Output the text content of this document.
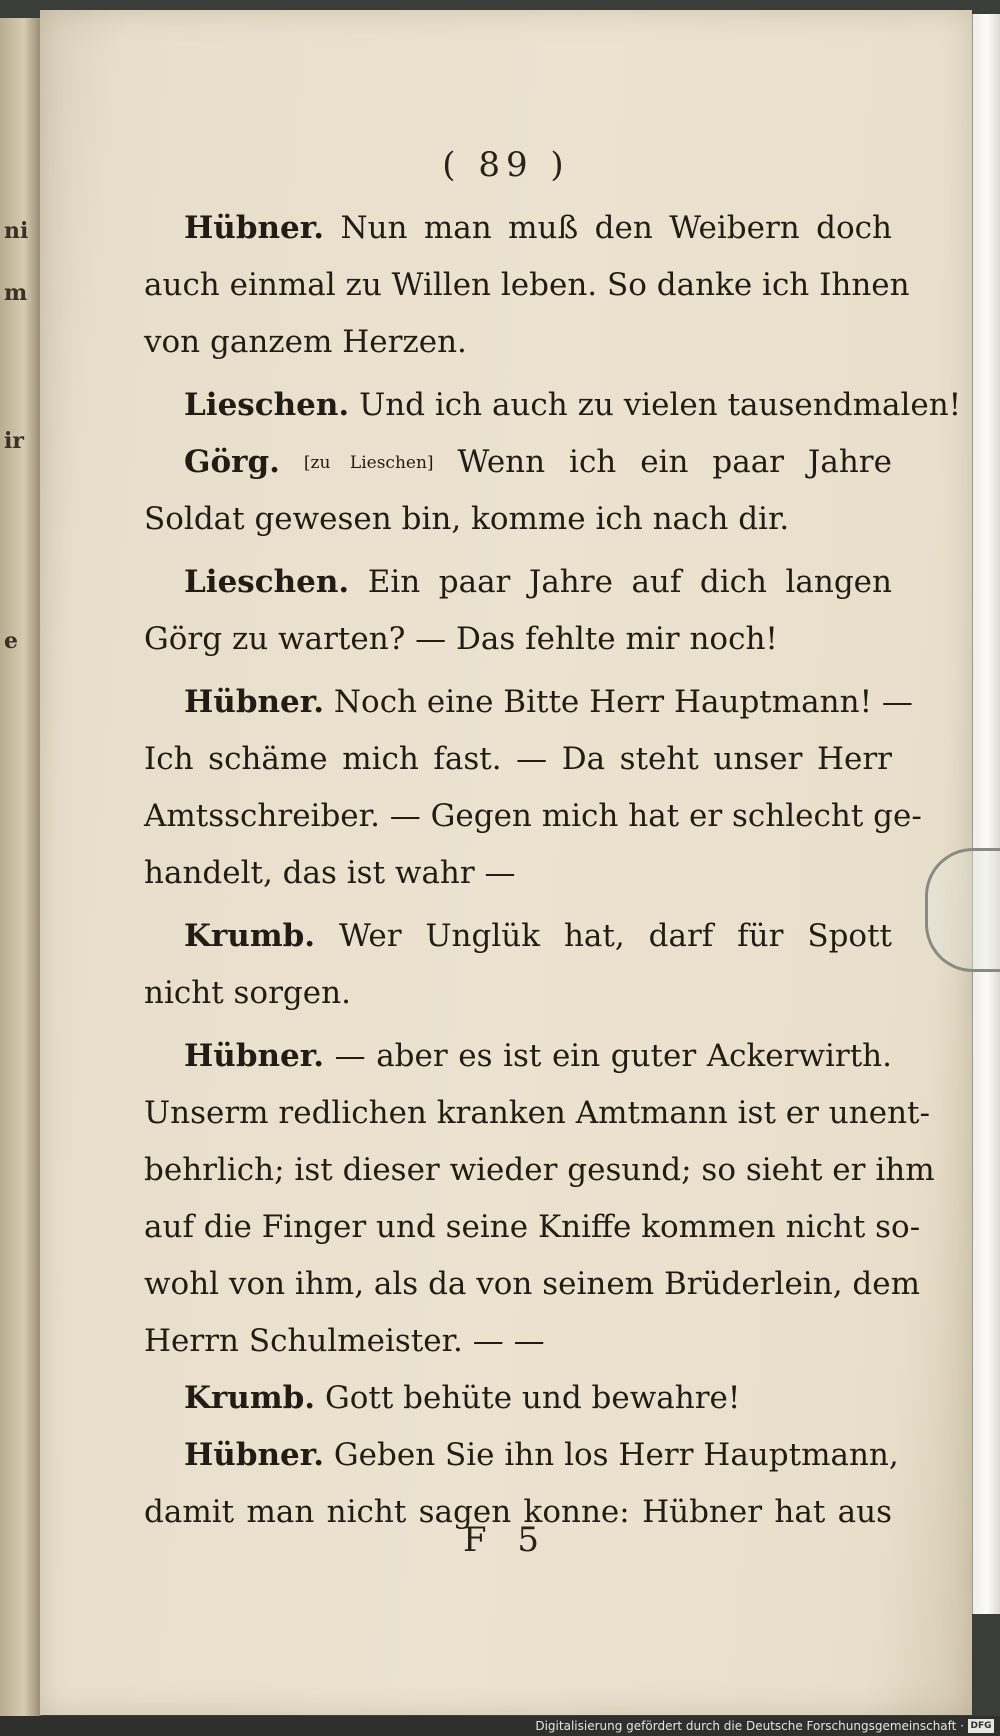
ni
m
ir
e
( 89 )
Hübner. Nun man muß den Weibern doch
auch einmal zu Willen leben. So danke ich Ihnen
von ganzem Herzen.
Lieschen. Und ich auch zu vielen tausendmalen!
Görg. [zu Lieschen] Wenn ich ein paar Jahre
Soldat gewesen bin, komme ich nach dir.
Lieschen. Ein paar Jahre auf dich langen
Görg zu warten? — Das fehlte mir noch!
Hübner. Noch eine Bitte Herr Hauptmann! —
Ich schäme mich fast. — Da steht unser Herr
Amtsschreiber. — Gegen mich hat er schlecht ge-
handelt, das ist wahr —
Krumb. Wer Unglük hat, darf für Spott
nicht sorgen.
Hübner. — aber es ist ein guter Ackerwirth.
Unserm redlichen kranken Amtmann ist er unent-
behrlich; ist dieser wieder gesund; so sieht er ihm
auf die Finger und seine Kniffe kommen nicht so-
wohl von ihm, als da von seinem Brüderlein, dem
Herrn Schulmeister. — —
Krumb. Gott behüte und bewahre!
Hübner. Geben Sie ihn los Herr Hauptmann,
damit man nicht sagen konne: Hübner hat aus
F 5
Digitalisierung gefördert durch die Deutsche Forschungsgemeinschaft · DFG
